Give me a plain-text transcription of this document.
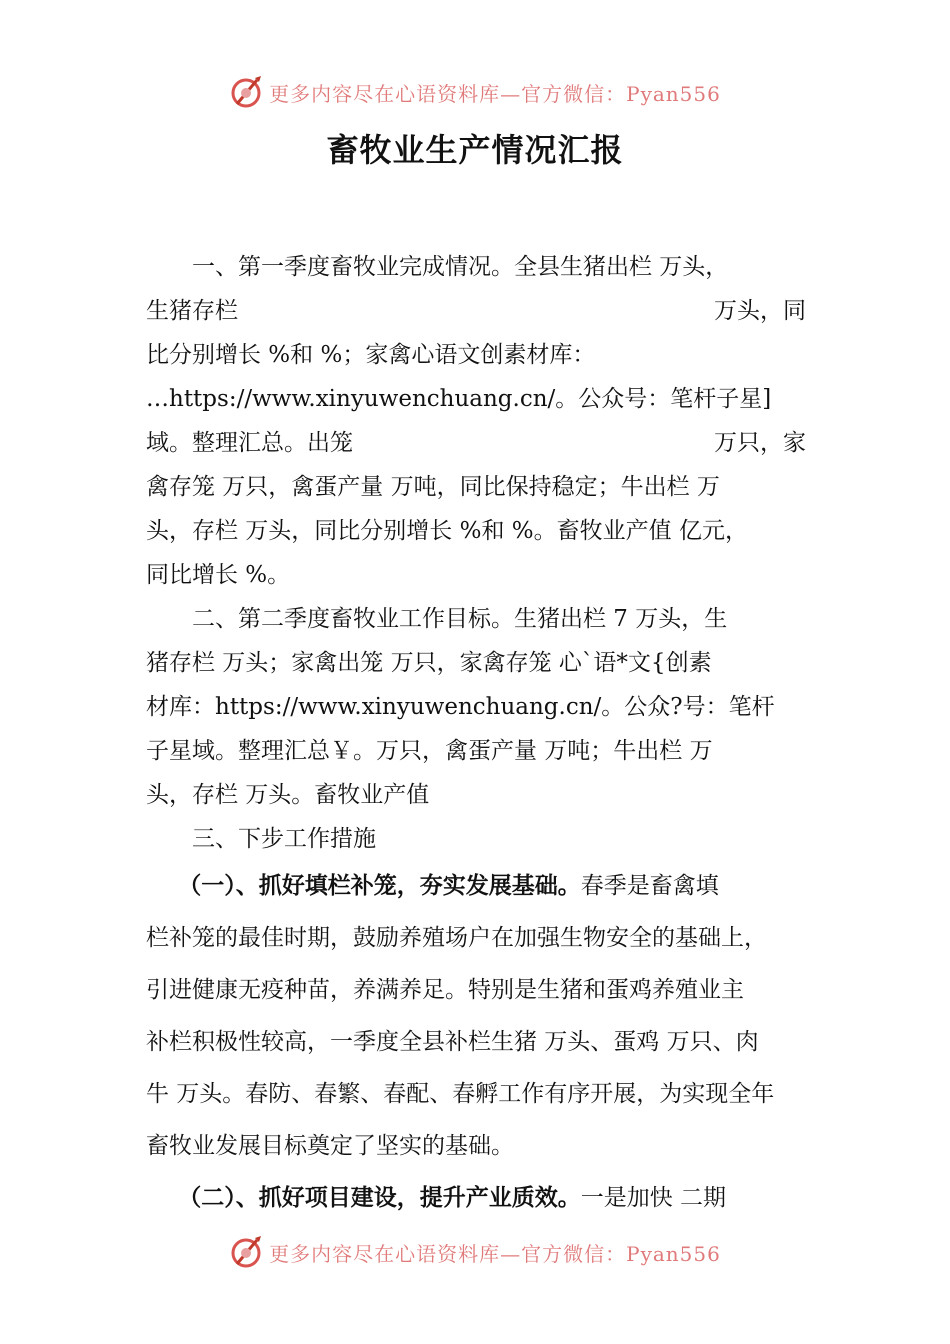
更多内容尽在心语资料库—官方微信：Pyan556
畜牧业生产情况汇报
一、第一季度畜牧业完成情况。全县生猪出栏 万头，
生猪存栏	万头，同
比分别增长 %和 %；家禽心语文创素材库：
…https://www.xinyuwenchuang.cn/。公众号：笔杆子星]
域。整理汇总。出笼	万只，家
禽存笼 万只，禽蛋产量 万吨，同比保持稳定；牛出栏 万
头，存栏 万头，同比分别增长 %和 %。畜牧业产值 亿元，
同比增长 %。
二、第二季度畜牧业工作目标。生猪出栏 7 万头，生
猪存栏 万头；家禽出笼 万只，家禽存笼 心`语*文{创素
材库：https://www.xinyuwenchuang.cn/。公众?号：笔杆
子星域。整理汇总￥。万只，禽蛋产量 万吨；牛出栏 万
头，存栏 万头。畜牧业产值
三、下步工作措施
（一）、抓好填栏补笼，夯实发展基础。春季是畜禽填
栏补笼的最佳时期，鼓励养殖场户在加强生物安全的基础上，
引进健康无疫种苗，养满养足。特别是生猪和蛋鸡养殖业主
补栏积极性较高，一季度全县补栏生猪 万头、蛋鸡 万只、肉
牛 万头。春防、春繁、春配、春孵工作有序开展，为实现全年
畜牧业发展目标奠定了坚实的基础。
（二）、抓好项目建设，提升产业质效。一是加快 二期
更多内容尽在心语资料库—官方微信：Pyan556
